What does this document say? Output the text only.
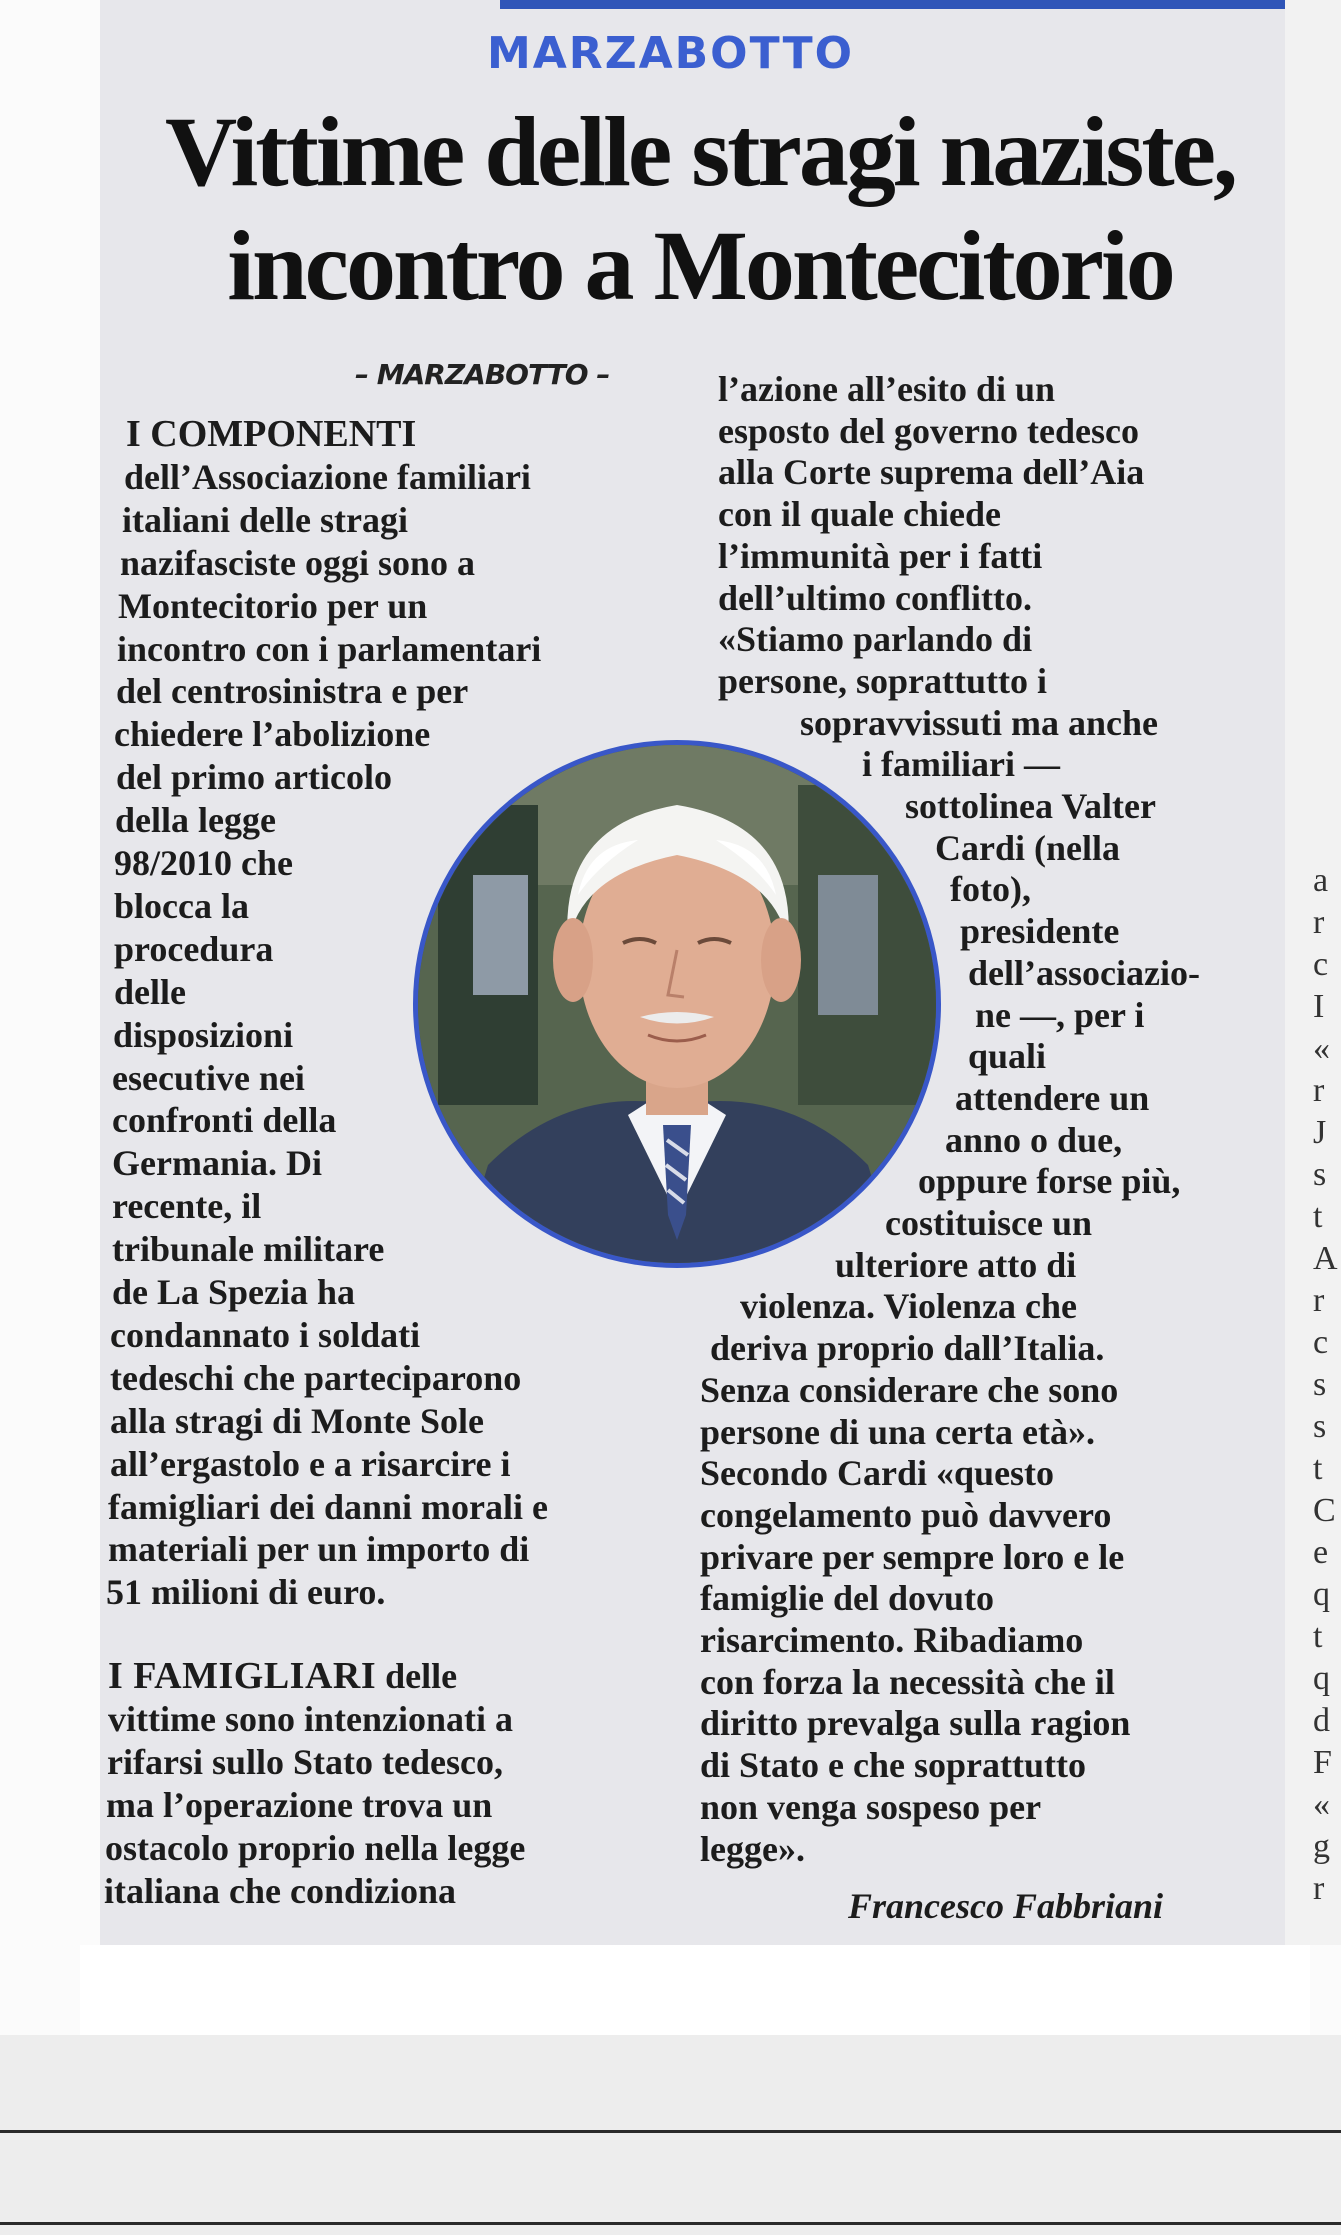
a
r
c
I
«
r
J
s
t
A
r
c
s
s
t
C
e
q
t
q
d
F
«
g
r
MARZABOTTO
Vittime delle stragi naziste,
incontro a Montecitorio
– MARZABOTTO –
I COMPONENTI
dell’Associazione familiari
italiani delle stragi
nazifasciste oggi sono a
Montecitorio per un
incontro con i parlamentari
del centrosinistra e per
chiedere l’abolizione
del primo articolo
della legge
98/2010 che
blocca la
procedura
delle
disposizioni
esecutive nei
confronti della
Germania. Di
recente, il
tribunale militare
de La Spezia ha
condannato i soldati
tedeschi che parteciparono
alla stragi di Monte Sole
all’ergastolo e a risarcire i
famigliari dei danni morali e
materiali per un importo di
51 milioni di euro.
I FAMIGLIARI delle
vittime sono intenzionati a
rifarsi sullo Stato tedesco,
ma l’operazione trova un
ostacolo proprio nella legge
italiana che condiziona
l’azione all’esito di un
esposto del governo tedesco
alla Corte suprema dell’Aia
con il quale chiede
l’immunità per i fatti
dell’ultimo conflitto.
«Stiamo parlando di
persone, soprattutto i
sopravvissuti ma anche
i familiari —
sottolinea Valter
Cardi (nella
foto),
presidente
dell’associazio-
ne —, per i
quali
attendere un
anno o due,
oppure forse più,
costituisce un
ulteriore atto di
violenza. Violenza che
deriva proprio dall’Italia.
Senza considerare che sono
persone di una certa età».
Secondo Cardi «questo
congelamento può davvero
privare per sempre loro e le
famiglie del dovuto
risarcimento. Ribadiamo
con forza la necessità che il
diritto prevalga sulla ragion
di Stato e che soprattutto
non venga sospeso per
legge».
Francesco Fabbriani
